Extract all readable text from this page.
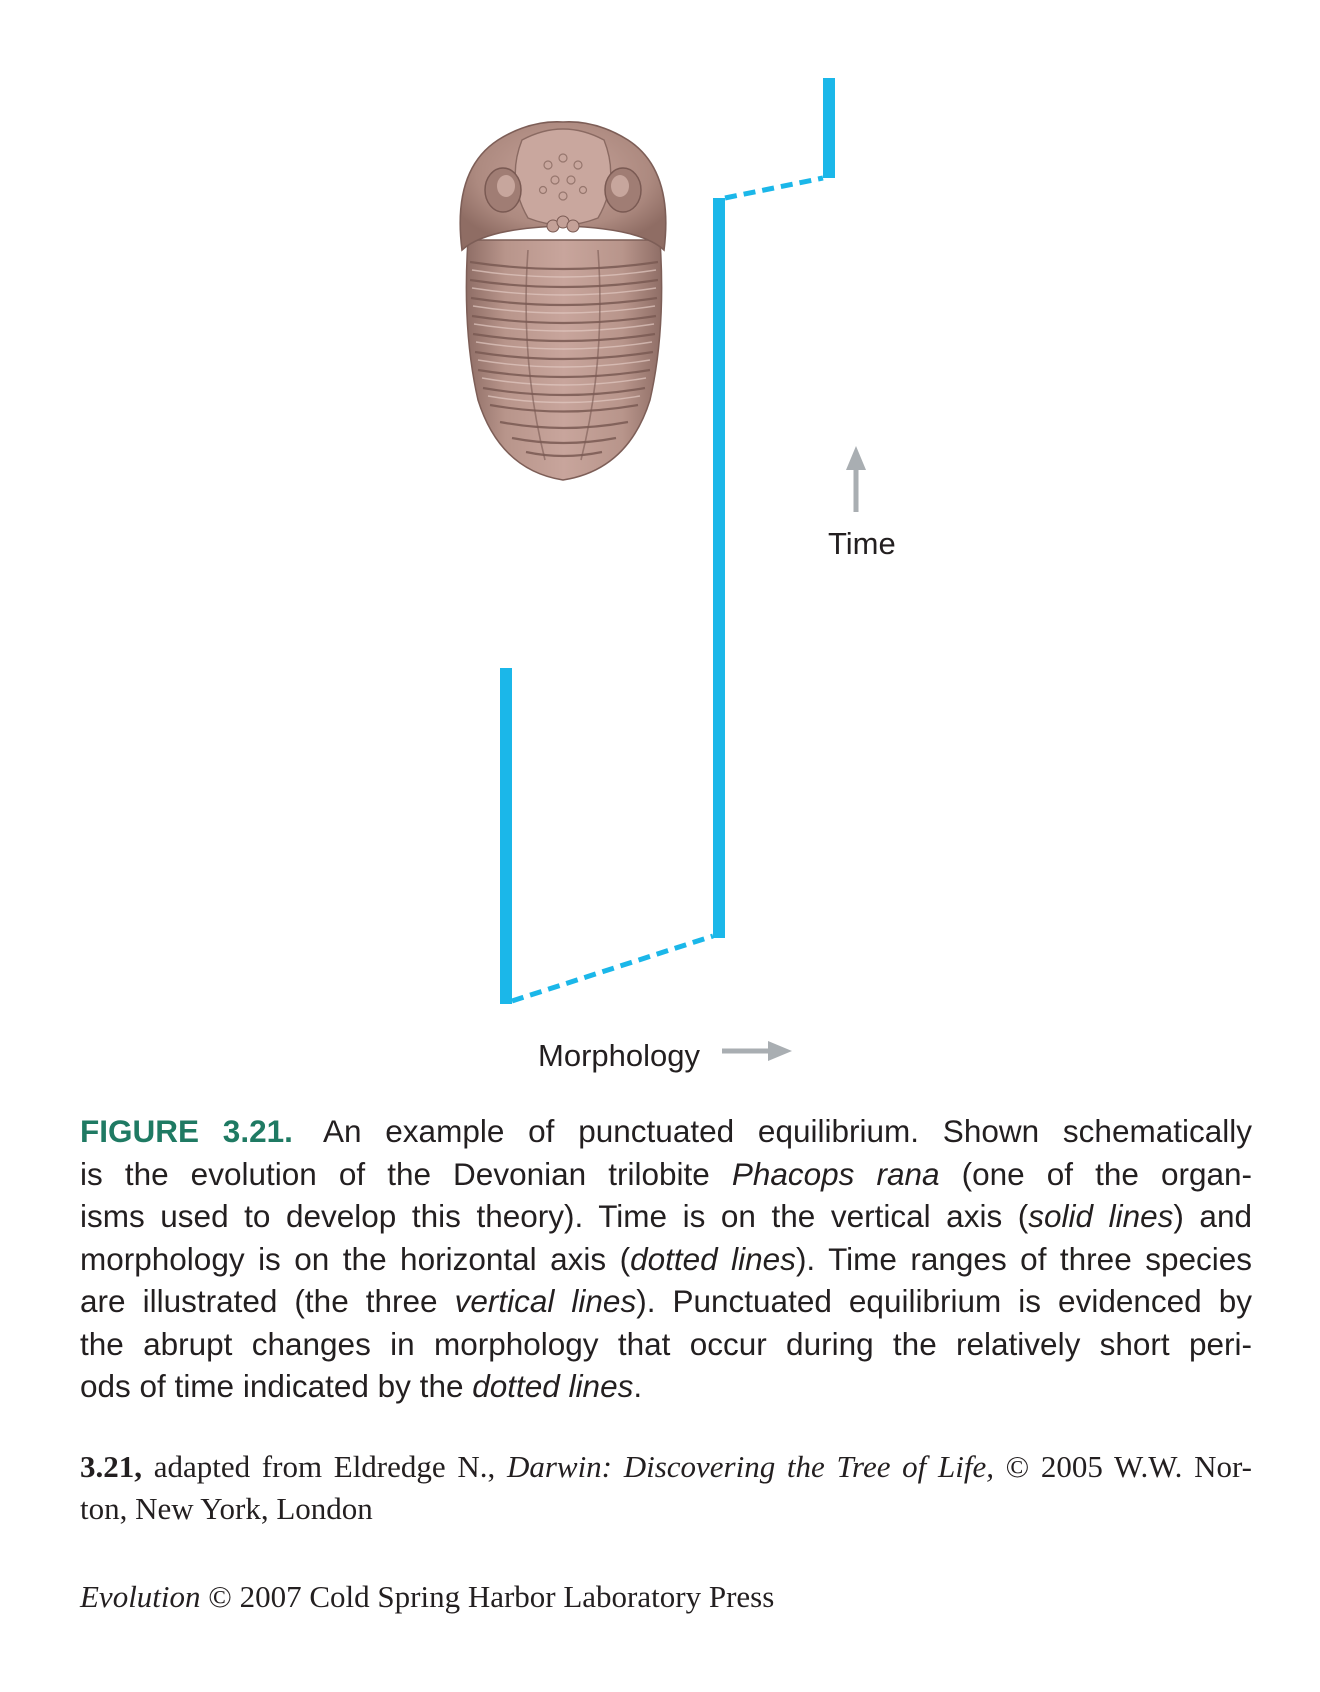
Time
Morphology
FIGURE 3.21. An example of punctuated equilibrium. Shown schematically
is the evolution of the Devonian trilobite Phacops rana (one of the organ-
isms used to develop this theory). Time is on the vertical axis (solid lines) and
morphology is on the horizontal axis (dotted lines). Time ranges of three species
are illustrated (the three vertical lines). Punctuated equilibrium is evidenced by
the abrupt changes in morphology that occur during the relatively short peri-
ods of time indicated by the dotted lines.
3.21, adapted from Eldredge N., Darwin: Discovering the Tree of Life, © 2005 W.W. Nor-
ton, New York, London
Evolution © 2007 Cold Spring Harbor Laboratory Press
